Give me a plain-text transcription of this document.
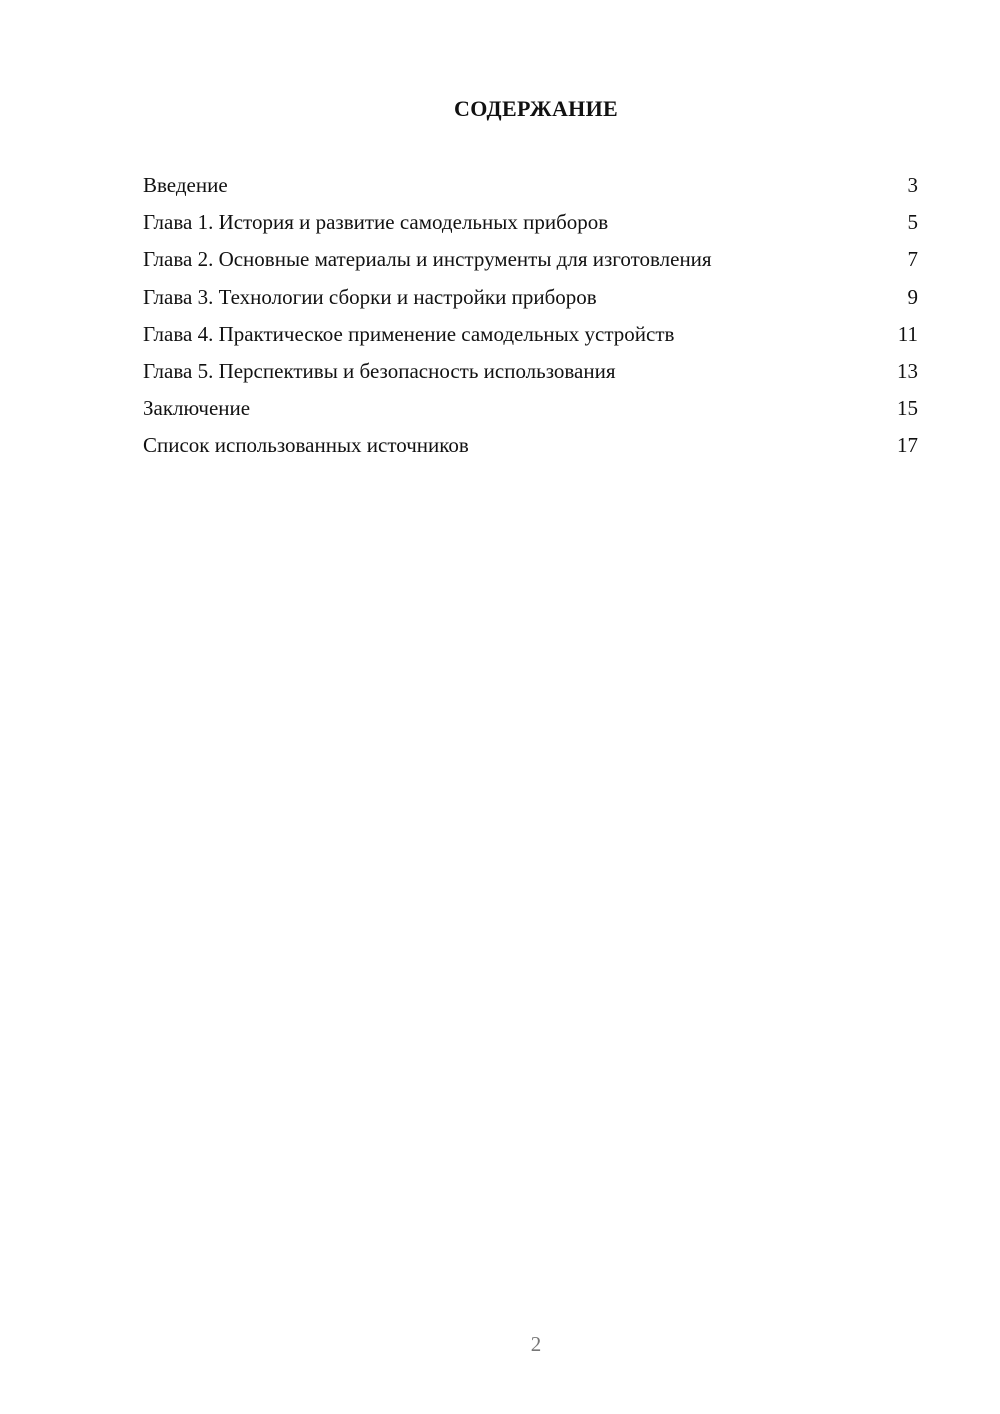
СОДЕРЖАНИЕ
Введение	3
Глава 1. История и развитие самодельных приборов	5
Глава 2. Основные материалы и инструменты для изготовления	7
Глава 3. Технологии сборки и настройки приборов	9
Глава 4. Практическое применение самодельных устройств	11
Глава 5. Перспективы и безопасность использования	13
Заключение	15
Список использованных источников	17
2
